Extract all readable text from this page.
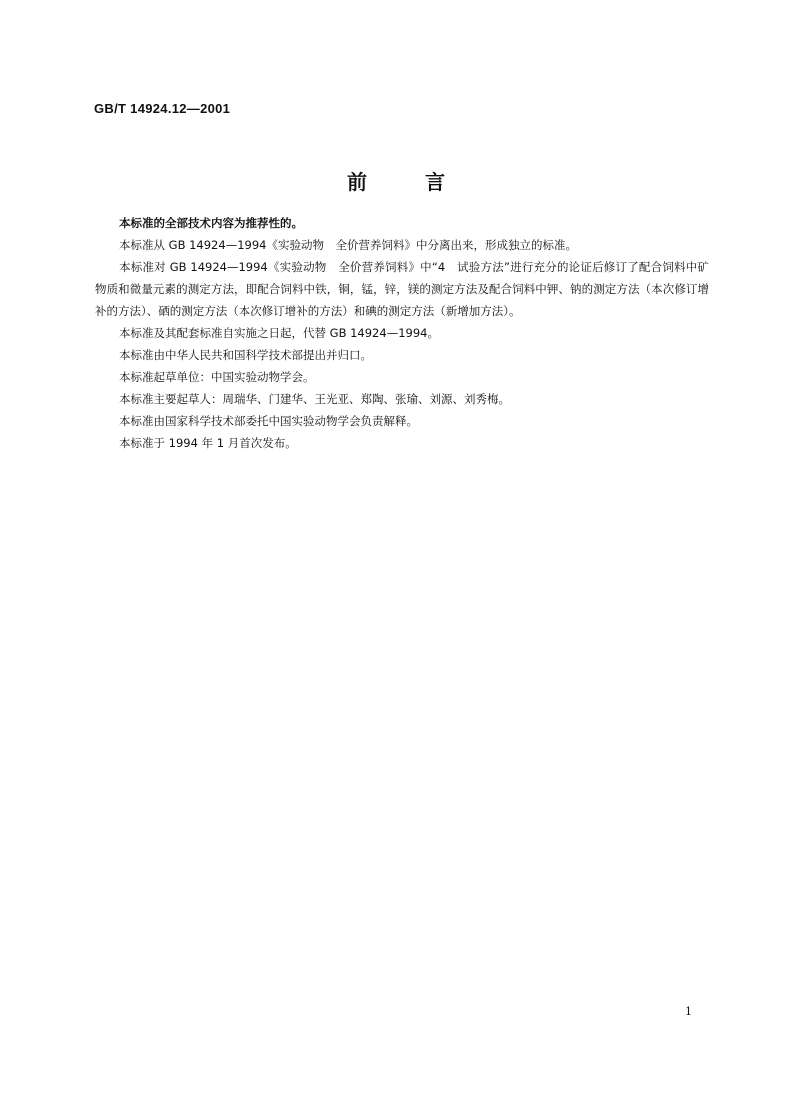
GB/T 14924.12—2001
前言

本标准的全部技术内容为推荐性的。

本标准从 GB 14924—1994《实验动物　全价营养饲料》中分离出来，形成独立的标准。

本标准对 GB 14924—1994《实验动物　全价营养饲料》中“4　试验方法”进行充分的论证后修订了配合饲料中矿物质和微量元素的测定方法，即配合饲料中铁，铜，锰，锌，镁的测定方法及配合饲料中钾、钠的测定方法（本次修订增补的方法）、硒的测定方法（本次修订增补的方法）和碘的测定方法（新增加方法）。

本标准及其配套标准自实施之日起，代替 GB 14924—1994。

本标准由中华人民共和国科学技术部提出并归口。

本标准起草单位：中国实验动物学会。

本标准主要起草人：周瑞华、门建华、王光亚、郑陶、张瑜、刘源、刘秀梅。

本标准由国家科学技术部委托中国实验动物学会负责解释。

本标准于 1994 年 1 月首次发布。

1
